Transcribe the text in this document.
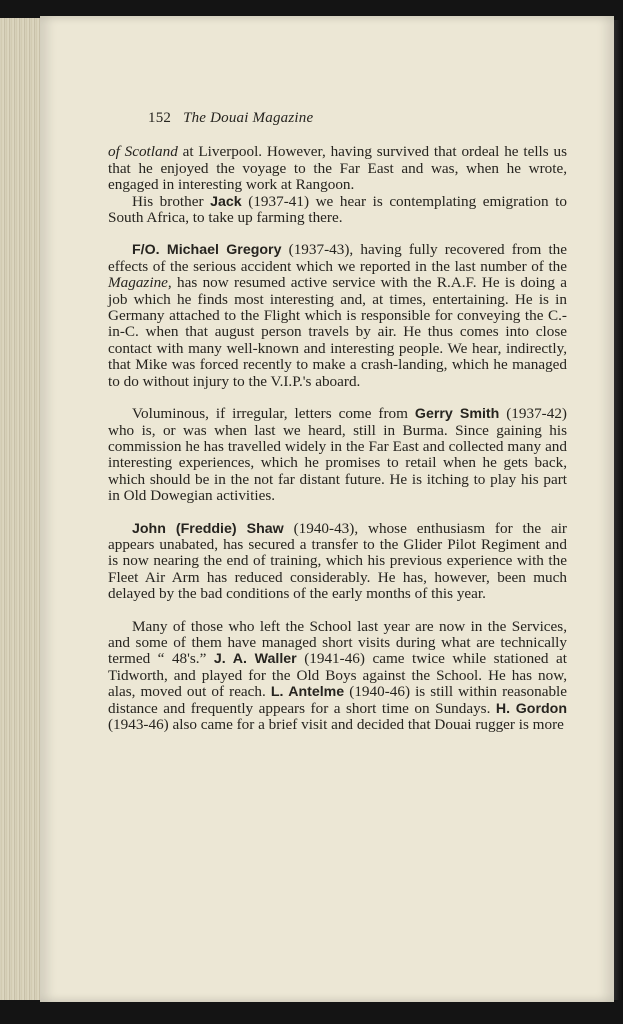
152 The Douai Magazine

of Scotland at Liverpool. However, having survived that ordeal he tells us that he enjoyed the voyage to the Far East and was, when he wrote, engaged in interesting work at Rangoon.

His brother Jack (1937-41) we hear is contemplating emigration to South Africa, to take up farming there.

F/O. Michael Gregory (1937-43), having fully recovered from the effects of the serious accident which we reported in the last number of the Magazine, has now resumed active service with the R.A.F. He is doing a job which he finds most interesting and, at times, entertaining. He is in Germany attached to the Flight which is responsible for conveying the C.-in-C. when that august person travels by air. He thus comes into close contact with many well-known and interesting people. We hear, indirectly, that Mike was forced recently to make a crash-landing, which he managed to do without injury to the V.I.P.'s aboard.

Voluminous, if irregular, letters come from Gerry Smith (1937-42) who is, or was when last we heard, still in Burma. Since gaining his commission he has travelled widely in the Far East and collected many and interesting experiences, which he promises to retail when he gets back, which should be in the not far distant future. He is itching to play his part in Old Dowegian activities.

John (Freddie) Shaw (1940-43), whose enthusiasm for the air appears unabated, has secured a transfer to the Glider Pilot Regiment and is now nearing the end of training, which his previous experience with the Fleet Air Arm has reduced considerably. He has, however, been much delayed by the bad conditions of the early months of this year.

Many of those who left the School last year are now in the Services, and some of them have managed short visits during what are technically termed “ 48's.” J. A. Waller (1941-46) came twice while stationed at Tidworth, and played for the Old Boys against the School. He has now, alas, moved out of reach. L. Antelme (1940-46) is still within reasonable distance and frequently appears for a short time on Sundays. H. Gordon (1943-46) also came for a brief visit and decided that Douai rugger is more
